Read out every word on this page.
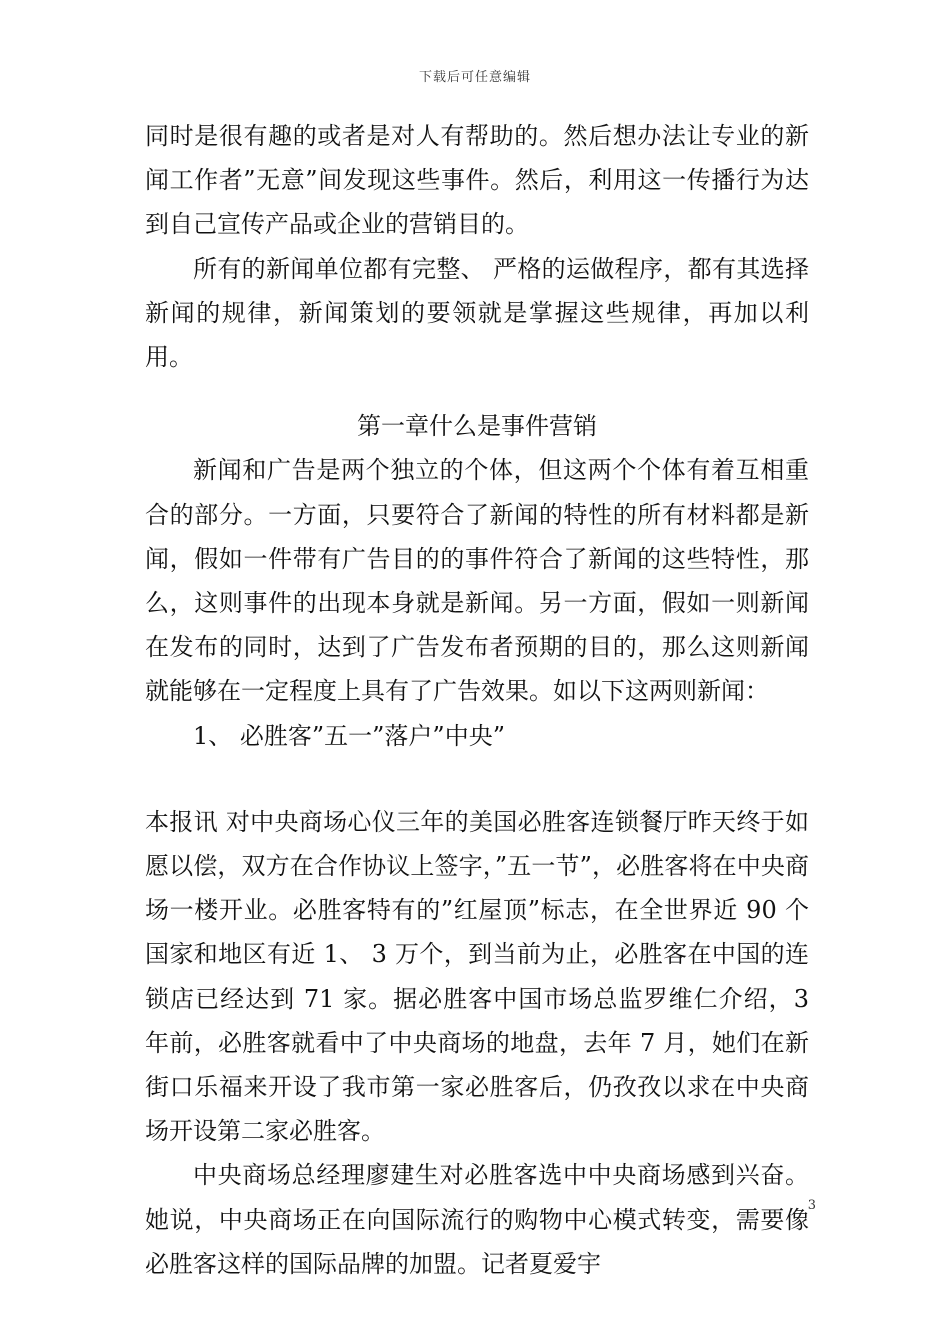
下载后可任意编辑

同时是很有趣的或者是对人有帮助的。然后想办法让专业的新闻工作者”无意”间发现这些事件。然后，利用这一传播行为达到自己宣传产品或企业的营销目的。

所有的新闻单位都有完整、 严格的运做程序，都有其选择新闻的规律，新闻策划的要领就是掌握这些规律，再加以利用。

第一章什么是事件营销

新闻和广告是两个独立的个体，但这两个个体有着互相重合的部分。一方面，只要符合了新闻的特性的所有材料都是新闻，假如一件带有广告目的的事件符合了新闻的这些特性，那么，这则事件的出现本身就是新闻。另一方面，假如一则新闻在发布的同时，达到了广告发布者预期的目的，那么这则新闻就能够在一定程度上具有了广告效果。如以下这两则新闻：

1、 必胜客”五一”落户”中央”

本报讯 对中央商场心仪三年的美国必胜客连锁餐厅昨天终于如愿以偿，双方在合作协议上签字，”五一节”，必胜客将在中央商场一楼开业。必胜客特有的”红屋顶”标志，在全世界近 90 个国家和地区有近 1、 3 万个，到当前为止，必胜客在中国的连锁店已经达到 71 家。据必胜客中国市场总监罗维仁介绍，3 年前，必胜客就看中了中央商场的地盘，去年 7 月，她们在新街口乐福来开设了我市第一家必胜客后，仍孜孜以求在中央商场开设第二家必胜客。

中央商场总经理廖建生对必胜客选中中央商场感到兴奋。她说，中央商场正在向国际流行的购物中心模式转变，需要像必胜客这样的国际品牌的加盟。记者夏爱宇

3
